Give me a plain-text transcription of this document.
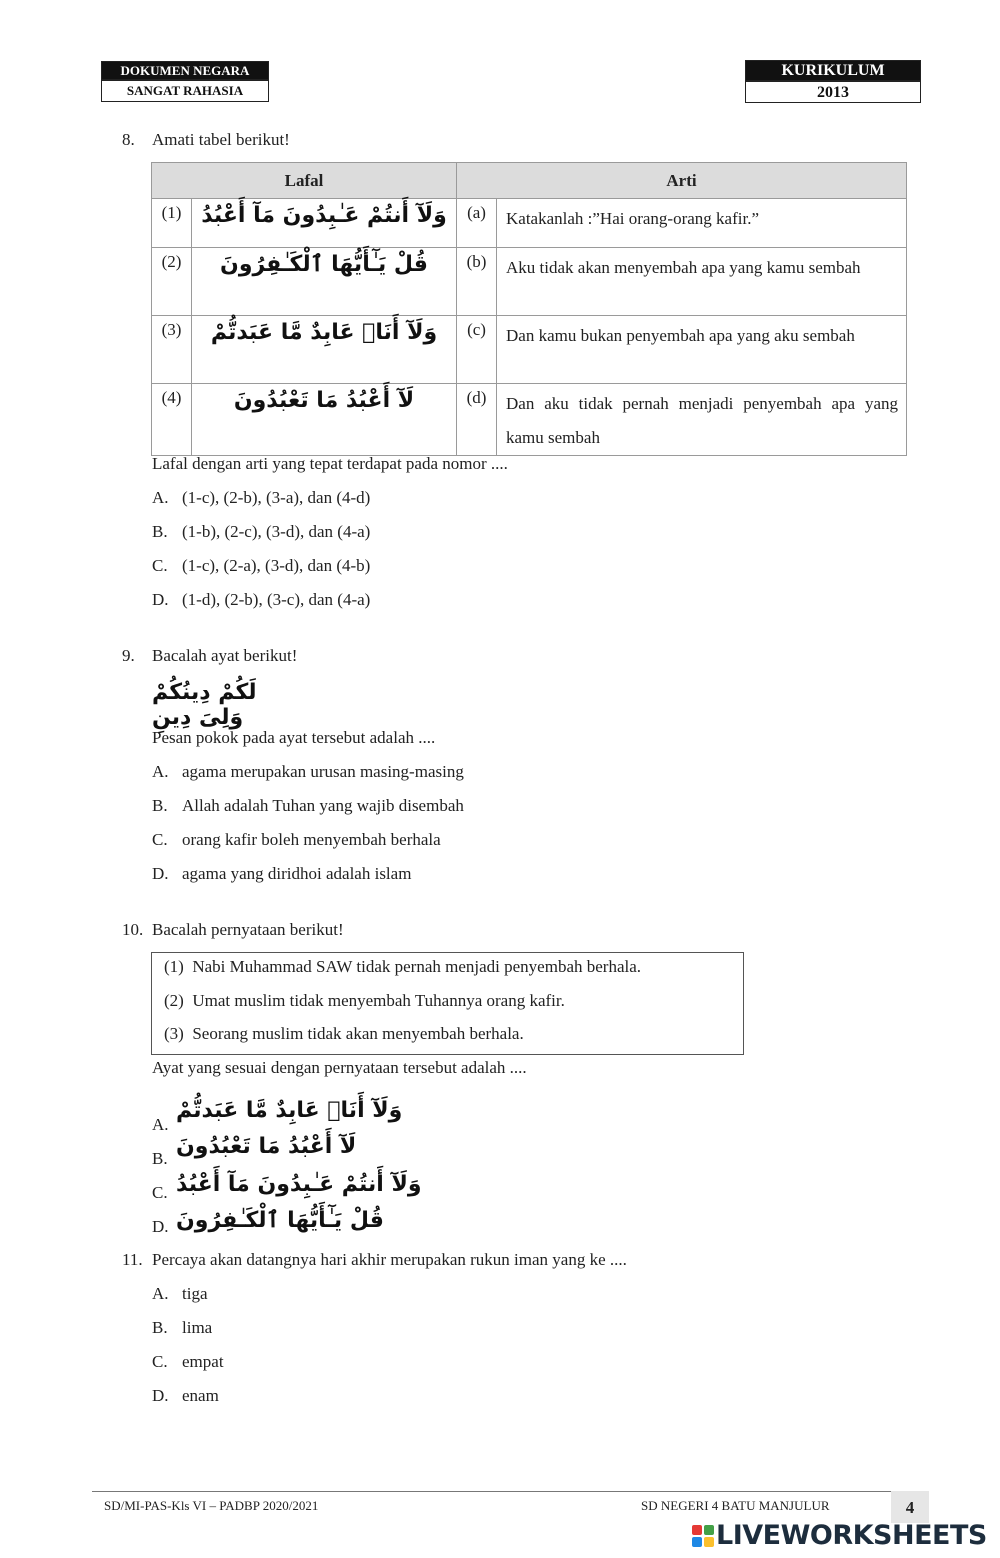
DOKUMEN NEGARA
SANGAT RAHASIA
KURIKULUM
2013
8. Amati tabel berikut!
Lafal		Arti	
(1)	وَلَآ أَنتُمْ عَـٰبِدُونَ مَآ أَعْبُدُ	(a)	Katakanlah :”Hai orang-orang kafir.”
(2)	قُلْ يَـٰٓأَيُّهَا ٱلْكَـٰفِرُونَ	(b)	Aku tidak akan menyembah apa yang kamu sembah
(3)	وَلَآ أَنَا۠ عَابِدٌ مَّا عَبَدتُّمْ	(c)	Dan kamu bukan penyembah apa yang aku sembah
(4)	لَآ أَعْبُدُ مَا تَعْبُدُونَ	(d)	Dan aku tidak pernah menjadi penyembah apa yang kamu sembah
Lafal dengan arti yang tepat terdapat pada nomor ....
A. (1-c), (2-b), (3-a), dan (4-d)
B. (1-b), (2-c), (3-d), dan (4-a)
C. (1-c), (2-a), (3-d), dan (4-b)
D. (1-d), (2-b), (3-c), dan (4-a)
9. Bacalah ayat berikut!
لَكُمْ دِينُكُمْ وَلِىَ دِينِ
Pesan pokok pada ayat tersebut adalah ....
A. agama merupakan urusan masing-masing
B. Allah adalah Tuhan yang wajib disembah
C. orang kafir boleh menyembah berhala
D. agama yang diridhoi adalah islam
10. Bacalah pernyataan berikut!
(1) Nabi Muhammad SAW tidak pernah menjadi penyembah berhala.
(2) Umat muslim tidak menyembah Tuhannya orang kafir.
(3) Seorang muslim tidak akan menyembah berhala.
Ayat yang sesuai dengan pernyataan tersebut adalah ....
A.
وَلَآ أَنَا۠ عَابِدٌ مَّا عَبَدتُّمْ
B. لَآ أَعْبُدُ مَا تَعْبُدُونَ
C. وَلَآ أَنتُمْ عَـٰبِدُونَ مَآ أَعْبُدُ
D. قُلْ يَـٰٓأَيُّهَا ٱلْكَـٰفِرُونَ
11. Percaya akan datangnya hari akhir merupakan rukun iman yang ke ....
A. tiga
B. lima
C. empat
D. enam
SD/MI-PAS-Kls VI – PADBP 2020/2021	SD NEGERI 4 BATU MANJULUR	4
LIVEWORKSHEETS
